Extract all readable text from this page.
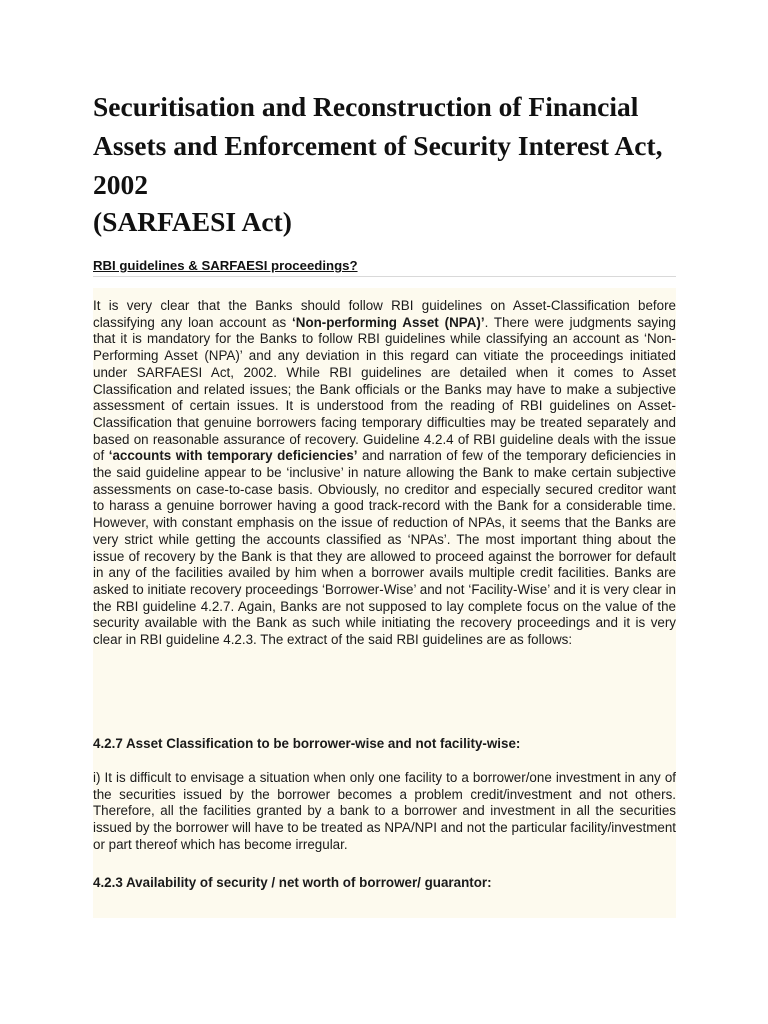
Securitisation and Reconstruction of Financial Assets and Enforcement of Security Interest Act, 2002
(SARFAESI Act)
RBI guidelines & SARFAESI proceedings?

It is very clear that the Banks should follow RBI guidelines on Asset-Classification before classifying any loan account as ‘Non-performing Asset (NPA)’. There were judgments saying that it is mandatory for the Banks to follow RBI guidelines while classifying an account as ‘Non-Performing Asset (NPA)’ and any deviation in this regard can vitiate the proceedings initiated under SARFAESI Act, 2002. While RBI guidelines are detailed when it comes to Asset Classification and related issues; the Bank officials or the Banks may have to make a subjective assessment of certain issues. It is understood from the reading of RBI guidelines on Asset-Classification that genuine borrowers facing temporary difficulties may be treated separately and based on reasonable assurance of recovery. Guideline 4.2.4 of RBI guideline deals with the issue of ‘accounts with temporary deficiencies’ and narration of few of the temporary deficiencies in the said guideline appear to be ‘inclusive’ in nature allowing the Bank to make certain subjective assessments on case-to-case basis. Obviously, no creditor and especially secured creditor want to harass a genuine borrower having a good track-record with the Bank for a considerable time. However, with constant emphasis on the issue of reduction of NPAs, it seems that the Banks are very strict while getting the accounts classified as ‘NPAs’. The most important thing about the issue of recovery by the Bank is that they are allowed to proceed against the borrower for default in any of the facilities availed by him when a borrower avails multiple credit facilities. Banks are asked to initiate recovery proceedings ‘Borrower-Wise’ and not ‘Facility-Wise’ and it is very clear in the RBI guideline 4.2.7. Again, Banks are not supposed to lay complete focus on the value of the security available with the Bank as such while initiating the recovery proceedings and it is very clear in RBI guideline 4.2.3. The extract of the said RBI guidelines are as follows:

4.2.7 Asset Classification to be borrower-wise and not facility-wise:

i) It is difficult to envisage a situation when only one facility to a borrower/one investment in any of the securities issued by the borrower becomes a problem credit/investment and not others. Therefore, all the facilities granted by a bank to a borrower and investment in all the securities issued by the borrower will have to be treated as NPA/NPI and not the particular facility/investment or part thereof which has become irregular.

4.2.3 Availability of security / net worth of borrower/ guarantor:
